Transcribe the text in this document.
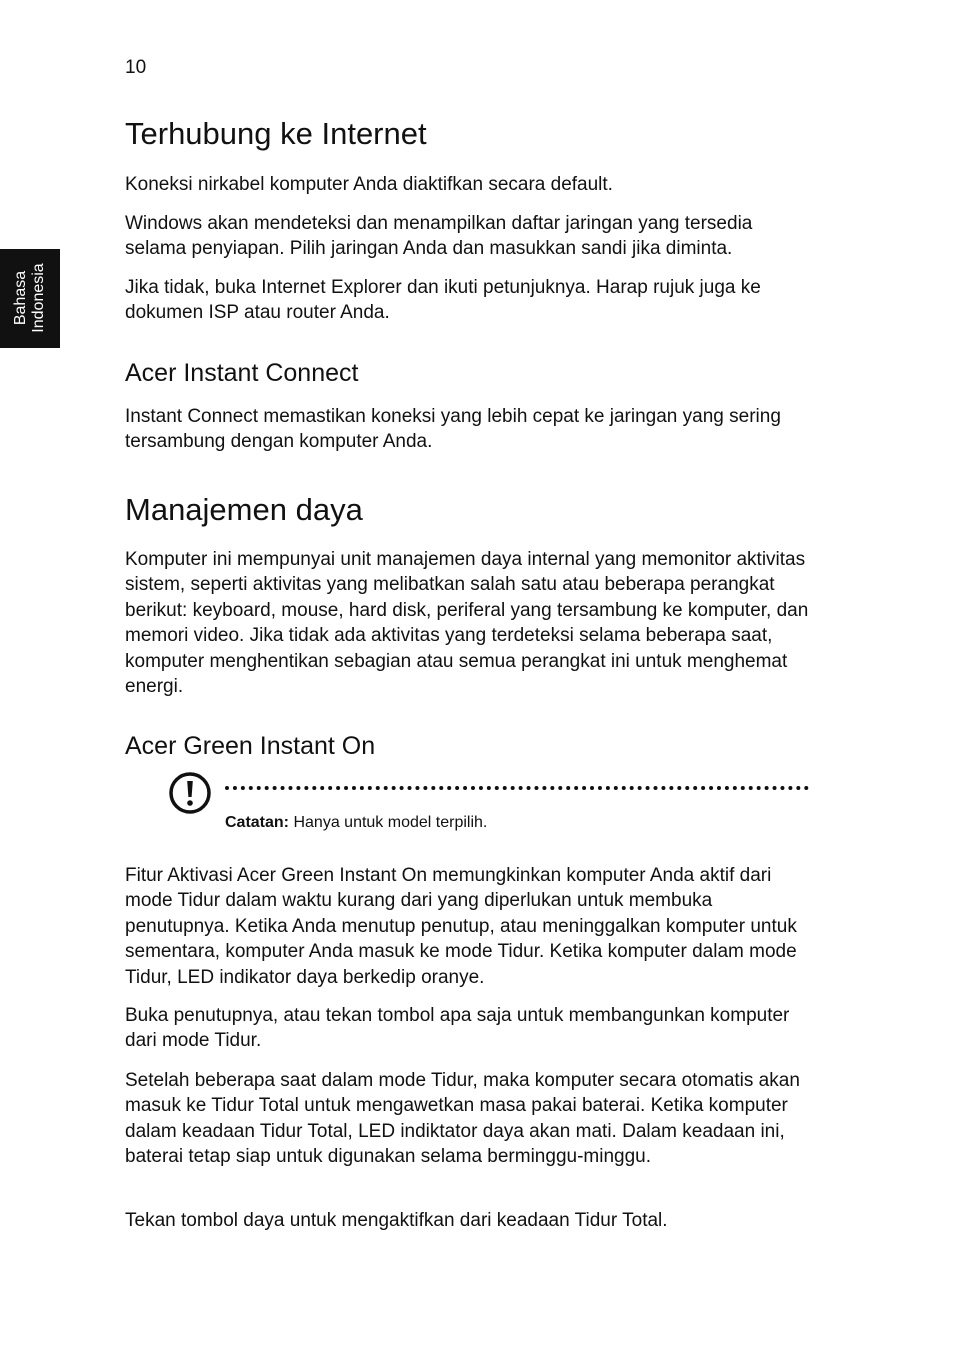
10
Bahasa Indonesia
Terhubung ke Internet

Koneksi nirkabel komputer Anda diaktifkan secara default.

Windows akan mendeteksi dan menampilkan daftar jaringan yang tersedia selama penyiapan. Pilih jaringan Anda dan masukkan sandi jika diminta.

Jika tidak, buka Internet Explorer dan ikuti petunjuknya. Harap rujuk juga ke dokumen ISP atau router Anda.

Acer Instant Connect

Instant Connect memastikan koneksi yang lebih cepat ke jaringan yang sering tersambung dengan komputer Anda.

Manajemen daya

Komputer ini mempunyai unit manajemen daya internal yang memonitor aktivitas sistem, seperti aktivitas yang melibatkan salah satu atau beberapa perangkat berikut: keyboard, mouse, hard disk, periferal yang tersambung ke komputer, dan memori video. Jika tidak ada aktivitas yang terdeteksi selama beberapa saat, komputer menghentikan sebagian atau semua perangkat ini untuk menghemat energi.

Acer Green Instant On

Fitur Aktivasi Acer Green Instant On memungkinkan komputer Anda aktif dari mode Tidur dalam waktu kurang dari yang diperlukan untuk membuka penutupnya. Ketika Anda menutup penutup, atau meninggalkan komputer untuk sementara, komputer Anda masuk ke mode Tidur. Ketika komputer dalam mode Tidur, LED indikator daya berkedip oranye.

Buka penutupnya, atau tekan tombol apa saja untuk membangunkan komputer dari mode Tidur.

Setelah beberapa saat dalam mode Tidur, maka komputer secara otomatis akan masuk ke Tidur Total untuk mengawetkan masa pakai baterai. Ketika komputer dalam keadaan Tidur Total, LED indiktator daya akan mati. Dalam keadaan ini, baterai tetap siap untuk digunakan selama berminggu-minggu.

Tekan tombol daya untuk mengaktifkan dari keadaan Tidur Total.

Catatan: Hanya untuk model terpilih.
